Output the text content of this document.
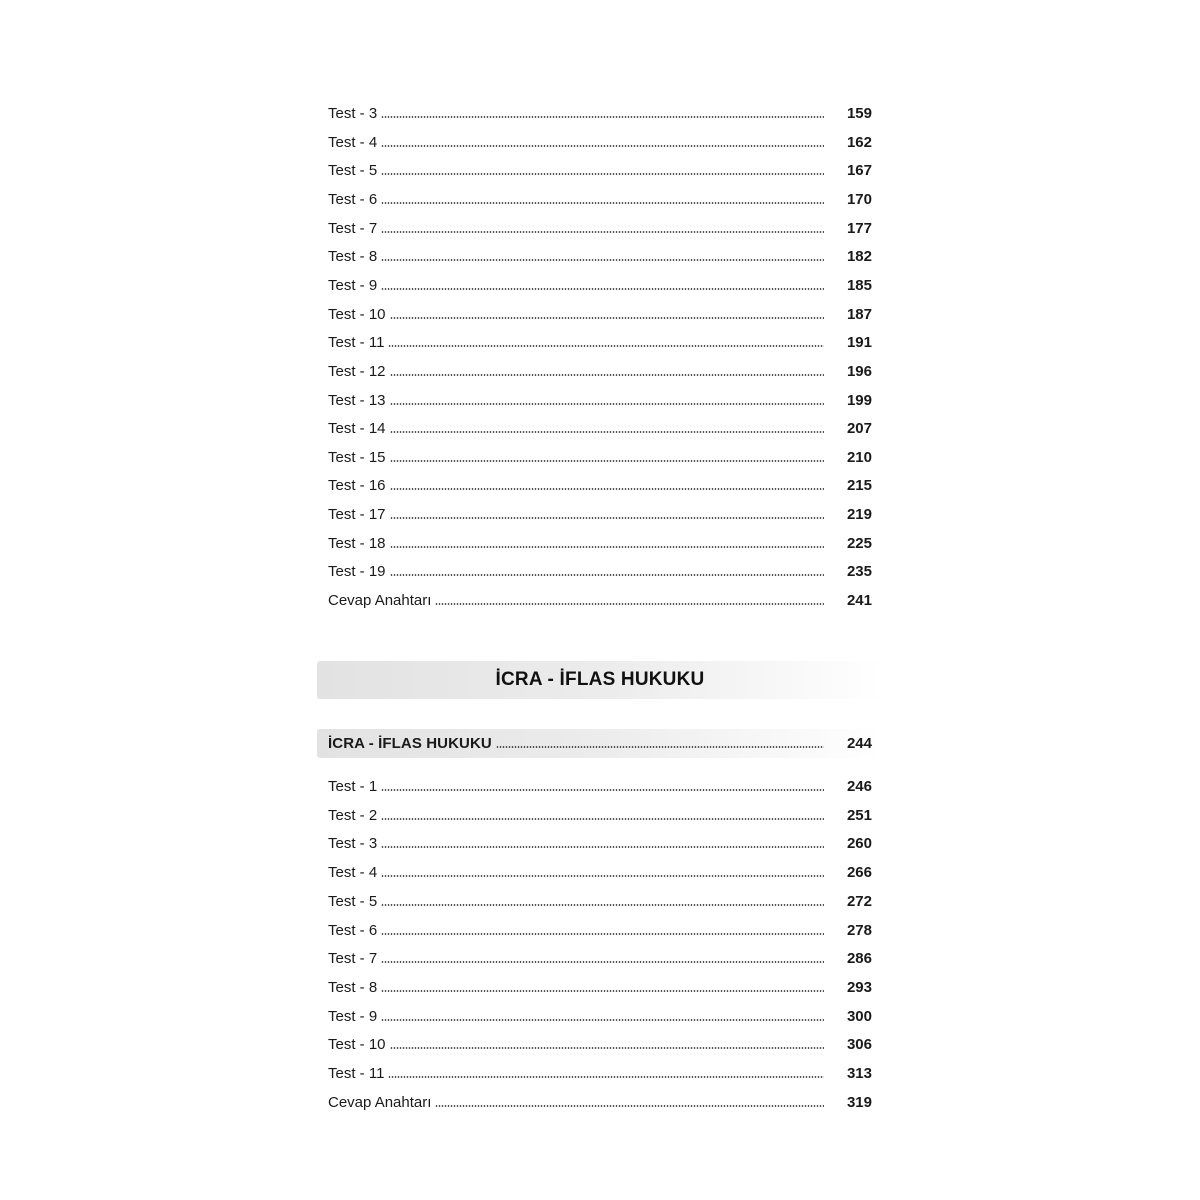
Test - 3	159
Test - 4	162
Test - 5	167
Test - 6	170
Test - 7	177
Test - 8	182
Test - 9	185
Test - 10	187
Test - 11	191
Test - 12	196
Test - 13	199
Test - 14	207
Test - 15	210
Test - 16	215
Test - 17	219
Test - 18	225
Test - 19	235
Cevap Anahtarı	241
İCRA - İFLAS HUKUKU
İCRA - İFLAS HUKUKU	244
Test - 1	246
Test - 2	251
Test - 3	260
Test - 4	266
Test - 5	272
Test - 6	278
Test - 7	286
Test - 8	293
Test - 9	300
Test - 10	306
Test - 11	313
Cevap Anahtarı	319
